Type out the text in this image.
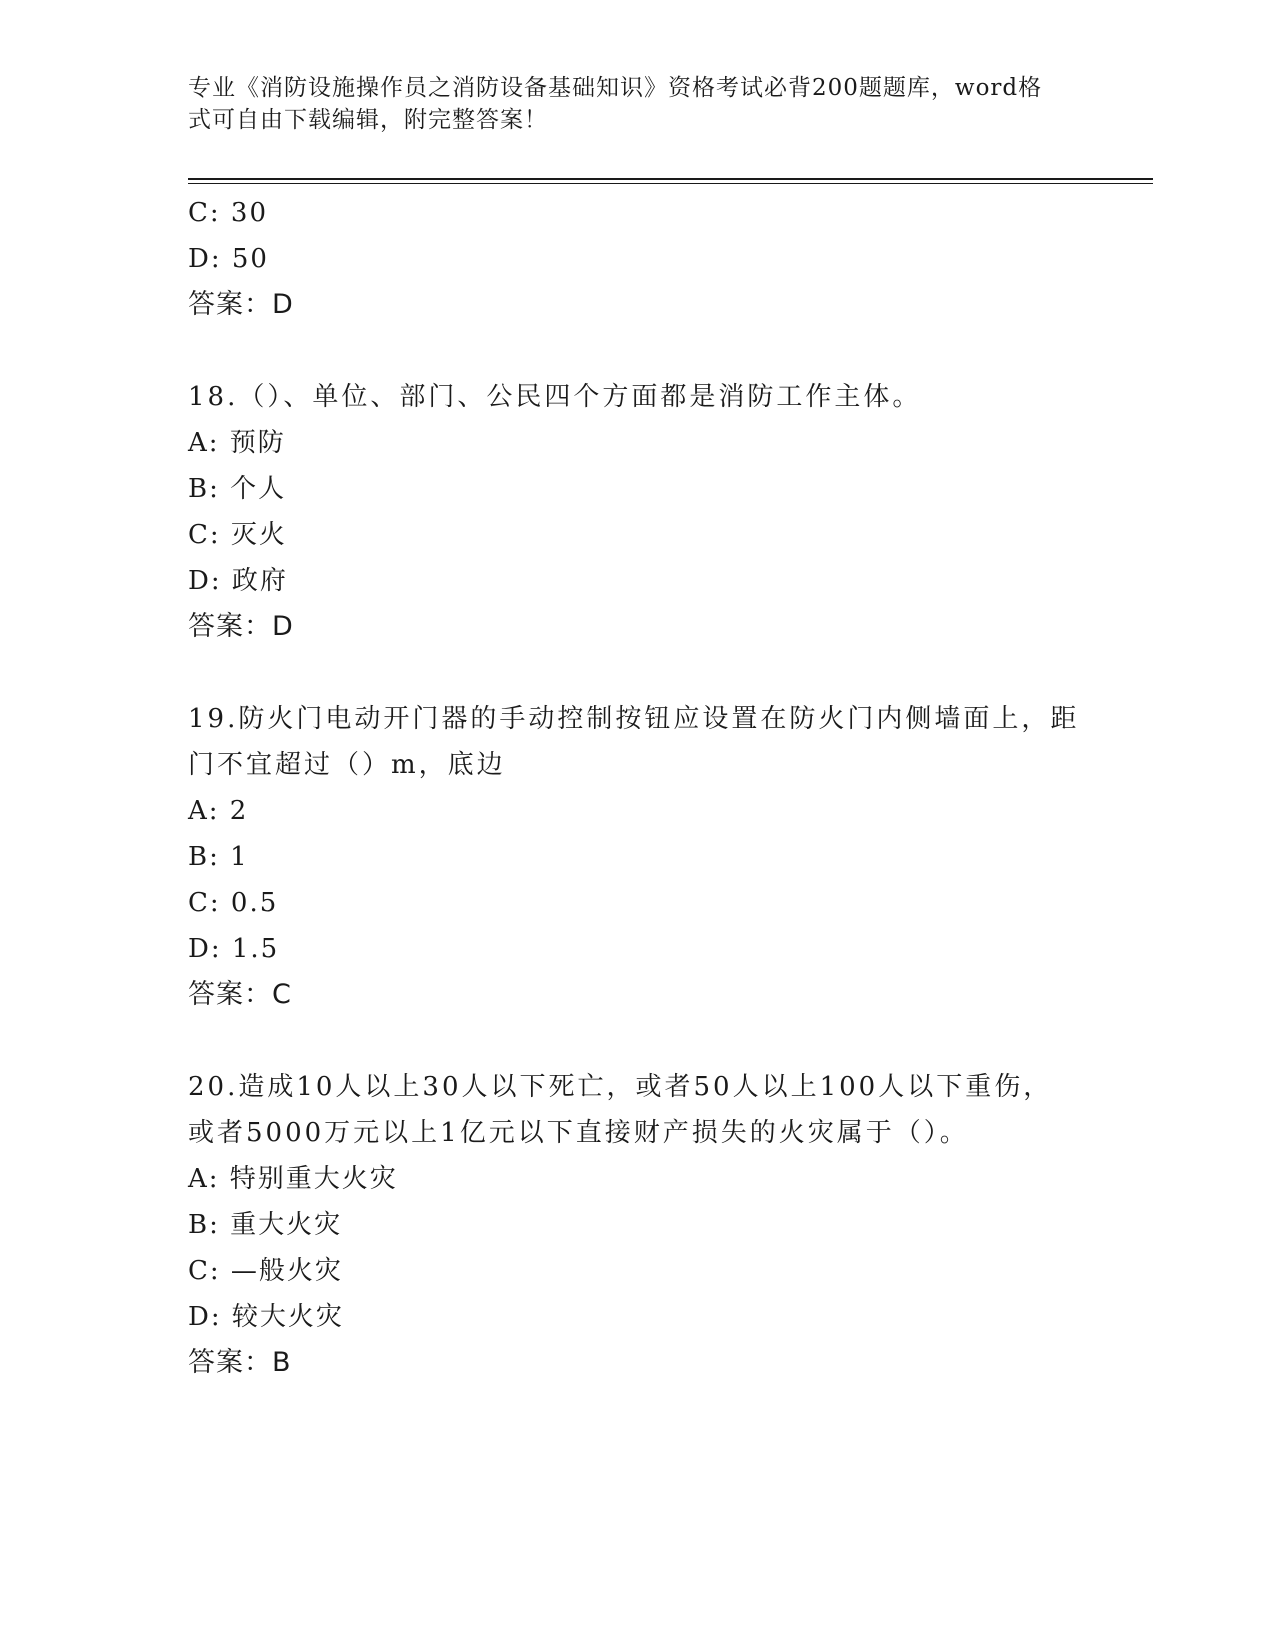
专业《消防设施操作员之消防设备基础知识》资格考试必背200题题库，word格
式可自由下载编辑，附完整答案！
C: 30
D: 50
答案：D
18.（）、单位、部门、公民四个方面都是消防工作主体。
A: 预防
B: 个人
C: 灭火
D: 政府
答案：D
19.防火门电动开门器的手动控制按钮应设置在防火门内侧墙面上，距
门不宜超过（）m，底边
A: 2
B: 1
C: 0.5
D: 1.5
答案：C
20.造成10人以上30人以下死亡，或者50人以上100人以下重伤，
或者5000万元以上1亿元以下直接财产损失的火灾属于（）。
A: 特别重大火灾
B: 重大火灾
C: —般火灾
D: 较大火灾
答案：B
